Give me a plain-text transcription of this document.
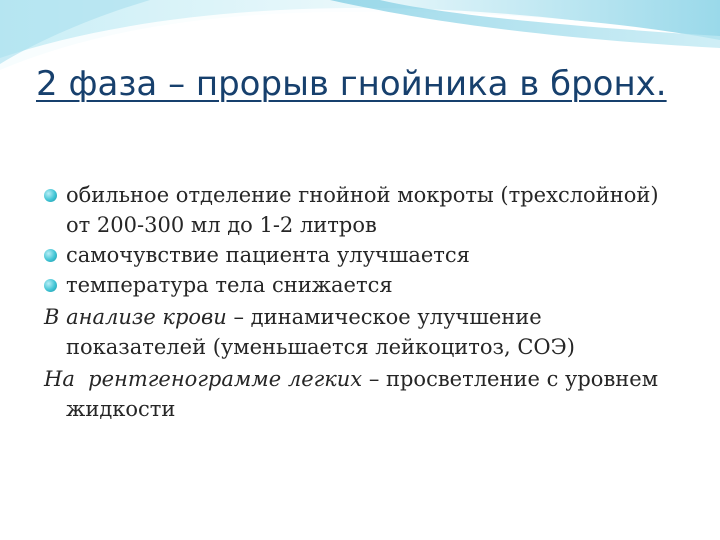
2 фаза – прорыв гнойника в бронх.
обильное отделение гнойной мокроты (трехслойной) от 200-300 мл до 1-2 литров
самочувствие пациента улучшается
температура тела снижается
В анализе крови – динамическое улучшение показателей (уменьшается лейкоцитоз, СОЭ)
На  рентгенограмме легких – просветление с уровнем жидкости
